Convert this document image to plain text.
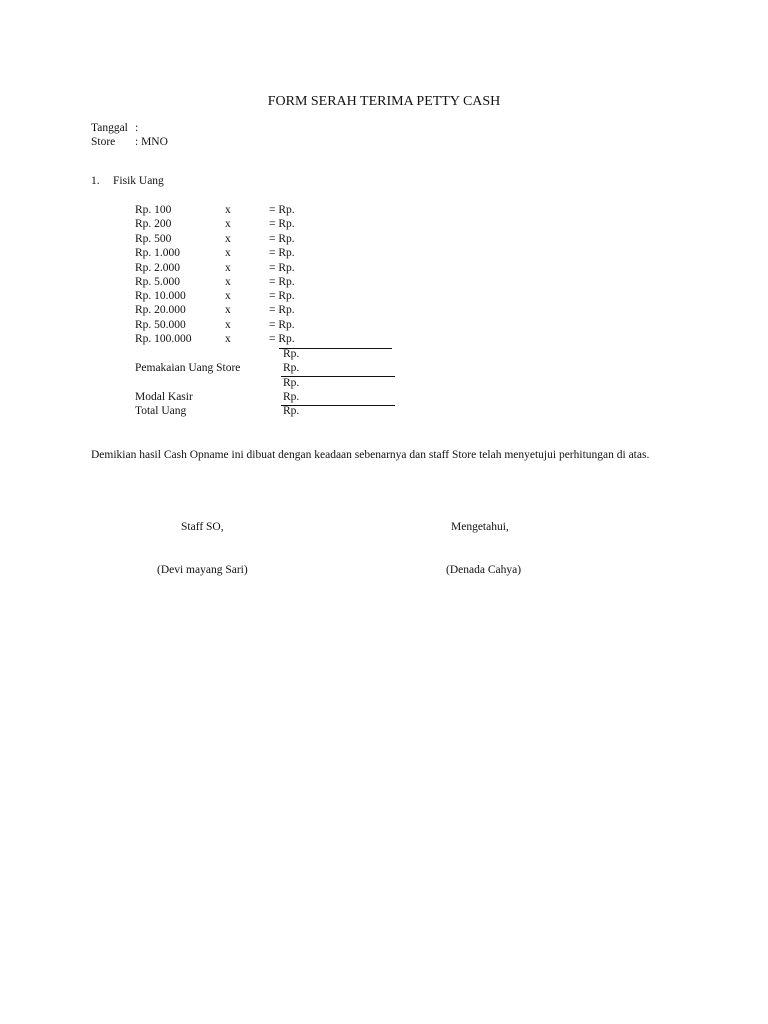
FORM SERAH TERIMA PETTY CASH
Tanggal :
Store : MNO
1. Fisik Uang
Rp. 100	x	= Rp.
Rp. 200	x	= Rp.
Rp. 500	x	= Rp.
Rp. 1.000	x	= Rp.
Rp. 2.000	x	= Rp.
Rp. 5.000	x	= Rp.
Rp. 10.000	x	= Rp.
Rp. 20.000	x	= Rp.
Rp. 50.000	x	= Rp.
Rp. 100.000	x	= Rp.
Rp.
Pemakaian Uang Store	Rp.
Rp.
Modal Kasir	Rp.
Total Uang	Rp.
Demikian hasil Cash Opname ini dibuat dengan keadaan sebenarnya dan staff Store telah menyetujui perhitungan di atas.
Staff SO,
(Devi mayang Sari)
Mengetahui,
(Denada Cahya)
